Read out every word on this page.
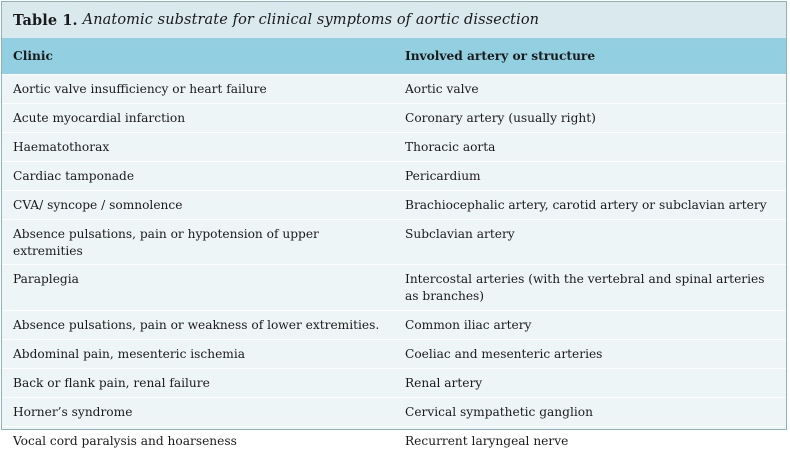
Table 1. Anatomic substrate for clinical symptoms of aortic dissection
Clinic	Involved artery or structure
Aortic valve insufficiency or heart failure	Aortic valve
Acute myocardial infarction	Coronary artery (usually right)
Haematothorax	Thoracic aorta
Cardiac tamponade	Pericardium
CVA/ syncope / somnolence	Brachiocephalic artery, carotid artery or subclavian artery
Absence pulsations, pain or hypotension of upper extremities	Subclavian artery
Paraplegia	Intercostal arteries (with the vertebral and spinal arteries as branches)
Absence pulsations, pain or weakness of lower extremities.	Common iliac artery
Abdominal pain, mesenteric ischemia	Coeliac and mesenteric arteries
Back or flank pain, renal failure	Renal artery
Horner’s syndrome	Cervical sympathetic ganglion
Vocal cord paralysis and hoarseness	Recurrent laryngeal nerve
